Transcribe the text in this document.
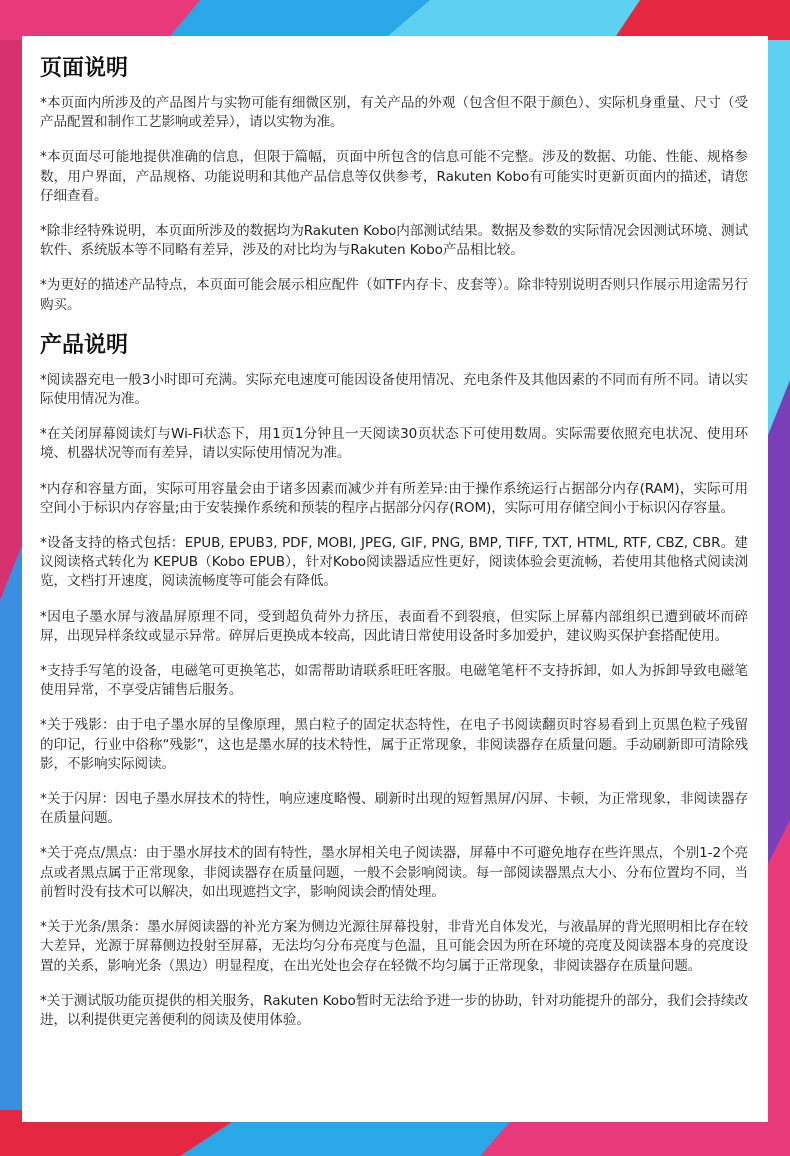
页面说明

*本页面内所涉及的产品图片与实物可能有细微区别，有关产品的外观（包含但不限于颜色）、实际机身重量、尺寸（受产品配置和制作工艺影响或差异），请以实物为准。

*本页面尽可能地提供准确的信息，但限于篇幅，页面中所包含的信息可能不完整。涉及的数据、功能、性能、规格参数，用户界面，产品规格、功能说明和其他产品信息等仅供参考，Rakuten Kobo有可能实时更新页面内的描述，请您仔细查看。

*除非经特殊说明，本页面所涉及的数据均为Rakuten Kobo内部测试结果。数据及参数的实际情况会因测试环境、测试软件、系统版本等不同略有差异，涉及的对比均为与Rakuten Kobo产品相比较。

*为更好的描述产品特点，本页面可能会展示相应配件（如TF内存卡、皮套等）。除非特别说明否则只作展示用途需另行购买。

产品说明

*阅读器充电一般3小时即可充满。实际充电速度可能因设备使用情况、充电条件及其他因素的不同而有所不同。请以实际使用情况为准。

*在关闭屏幕阅读灯与Wi-Fi状态下，用1页1分钟且一天阅读30页状态下可使用数周。实际需要依照充电状况、使用环境、机器状况等而有差异，请以实际使用情况为准。

*内存和容量方面，实际可用容量会由于诸多因素而减少并有所差异:由于操作系统运行占据部分内存(RAM)，实际可用空间小于标识内存容量;由于安装操作系统和预装的程序占据部分闪存(ROM)，实际可用存储空间小于标识闪存容量。

*设备支持的格式包括：EPUB, EPUB3, PDF, MOBI, JPEG, GIF, PNG, BMP, TIFF, TXT, HTML, RTF, CBZ, CBR。建议阅读格式转化为 KEPUB（Kobo EPUB），针对Kobo阅读器适应性更好，阅读体验会更流畅，若使用其他格式阅读浏览，文档打开速度，阅读流畅度等可能会有降低。

*因电子墨水屏与液晶屏原理不同，受到超负荷外力挤压，表面看不到裂痕，但实际上屏幕内部组织已遭到破坏而碎屏，出现异样条纹或显示异常。碎屏后更换成本较高，因此请日常使用设备时多加爱护，建议购买保护套搭配使用。

*支持手写笔的设备，电磁笔可更换笔芯，如需帮助请联系旺旺客服。电磁笔笔杆不支持拆卸，如人为拆卸导致电磁笔使用异常，不享受店铺售后服务。

*关于残影：由于电子墨水屏的呈像原理，黑白粒子的固定状态特性，在电子书阅读翻页时容易看到上页黑色粒子残留的印记，行业中俗称“残影”，这也是墨水屏的技术特性，属于正常现象，非阅读器存在质量问题。手动刷新即可清除残影，不影响实际阅读。

*关于闪屏：因电子墨水屏技术的特性，响应速度略慢、刷新时出现的短暂黑屏/闪屏、卡顿，为正常现象，非阅读器存在质量问题。

*关于亮点/黑点：由于墨水屏技术的固有特性，墨水屏相关电子阅读器，屏幕中不可避免地存在些许黑点，个别1-2个亮点或者黑点属于正常现象，非阅读器存在质量问题，一般不会影响阅读。每一部阅读器黑点大小、分布位置均不同，当前暂时没有技术可以解决，如出现遮挡文字，影响阅读会酌情处理。

*关于光条/黑条：墨水屏阅读器的补光方案为侧边光源往屏幕投射，非背光自体发光，与液晶屏的背光照明相比存在较大差异，光源于屏幕侧边投射至屏幕，无法均匀分布亮度与色温，且可能会因为所在环境的亮度及阅读器本身的亮度设置的关系，影响光条（黑边）明显程度，在出光处也会存在轻微不均匀属于正常现象，非阅读器存在质量问题。

*关于测试版功能页提供的相关服务，Rakuten Kobo暂时无法给予进一步的协助，针对功能提升的部分，我们会持续改进，以利提供更完善便利的阅读及使用体验。
